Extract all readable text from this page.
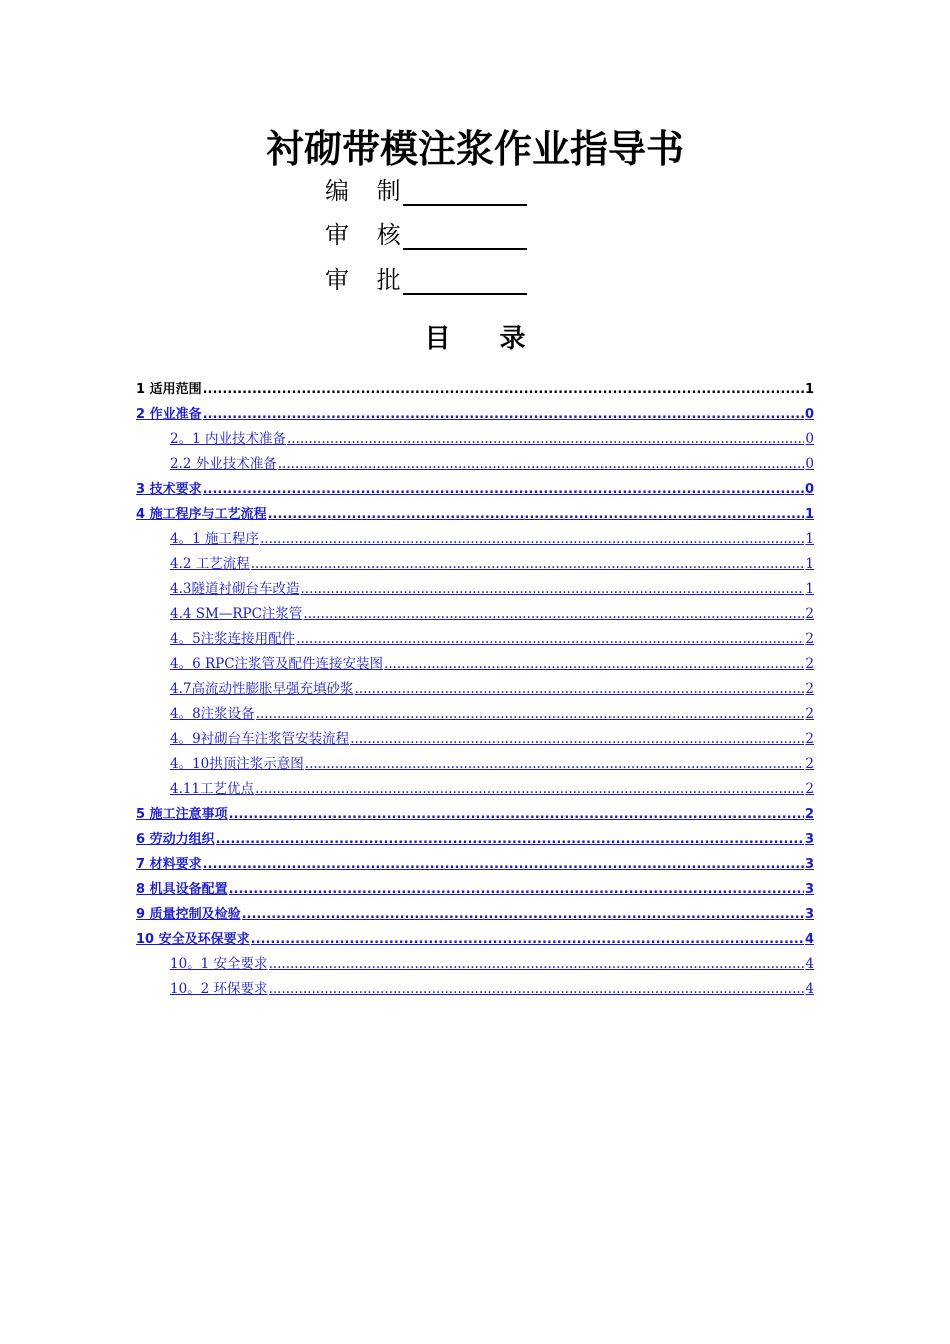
衬砌带模注浆作业指导书
编 制
审 核
审 批
目 录
1 适用范围 .....	1
2 作业准备 .....	0
2。1 内业技术准备 .....	0
2.2 外业技术准备 .....	0
3 技术要求 .....	0
4 施工程序与工艺流程 .....	1
4。1 施工程序 .....	1
4.2 工艺流程 .....	1
4.3隧道衬砌台车改造 .....	1
4.4 SM—RPC注浆管 .....	2
4。5注浆连接用配件 .....	2
4。6 RPC注浆管及配件连接安装图 .....	2
4.7高流动性膨胀早强充填砂浆 .....	2
4。8注浆设备 .....	2
4。9衬砌台车注浆管安装流程 .....	2
4。10拱顶注浆示意图 .....	2
4.11工艺优点 .....	2
5 施工注意事项 .....	2
6 劳动力组织 .....	3
7 材料要求 .....	3
8 机具设备配置 .....	3
9 质量控制及检验 .....	3
10 安全及环保要求 .....	4
10。1 安全要求 .....	4
10。2 环保要求 .....	4
